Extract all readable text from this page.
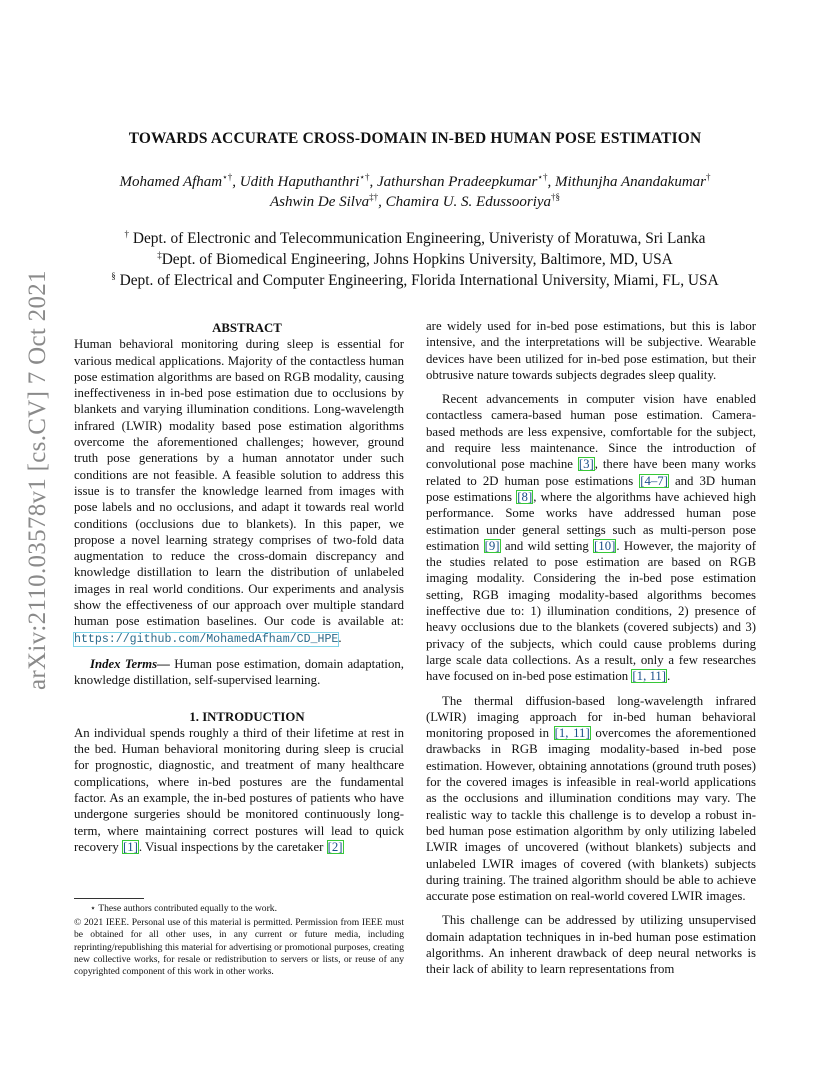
arXiv:2110.03578v1 [cs.CV] 7 Oct 2021
TOWARDS ACCURATE CROSS-DOMAIN IN-BED HUMAN POSE ESTIMATION
Mohamed Afham⋆†, Udith Haputhanthri⋆†, Jathurshan Pradeepkumar⋆†, Mithunjha Anandakumar†
Ashwin De Silva‡†, Chamira U. S. Edussooriya†§
† Dept. of Electronic and Telecommunication Engineering, Univeristy of Moratuwa, Sri Lanka
‡Dept. of Biomedical Engineering, Johns Hopkins University, Baltimore, MD, USA
§ Dept. of Electrical and Computer Engineering, Florida International University, Miami, FL, USA

ABSTRACT

Human behavioral monitoring during sleep is essential for various medical applications. Majority of the contactless human pose estimation algorithms are based on RGB modality, causing ineffectiveness in in-bed pose estimation due to occlusions by blankets and varying illumination conditions. Long-wavelength infrared (LWIR) modality based pose estimation algorithms overcome the aforementioned challenges; however, ground truth pose generations by a human annotator under such conditions are not feasible. A feasible solution to address this issue is to transfer the knowledge learned from images with pose labels and no occlusions, and adapt it towards real world conditions (occlusions due to blankets). In this paper, we propose a novel learning strategy comprises of two-fold data augmentation to reduce the cross-domain discrepancy and knowledge distillation to learn the distribution of unlabeled images in real world conditions. Our experiments and analysis show the effectiveness of our approach over multiple standard human pose estimation baselines. Our code is available at: https://github.com/MohamedAfham/CD_HPE.

Index Terms— Human pose estimation, domain adaptation, knowledge distillation, self-supervised learning.

1. INTRODUCTION

An individual spends roughly a third of their lifetime at rest in the bed. Human behavioral monitoring during sleep is crucial for prognostic, diagnostic, and treatment of many healthcare complications, where in-bed postures are the fundamental factor. As an example, the in-bed postures of patients who have undergone surgeries should be monitored continuously long-term, where maintaining correct postures will lead to quick recovery [1]. Visual inspections by the caretaker [2]

⋆ These authors contributed equally to the work.

© 2021 IEEE. Personal use of this material is permitted. Permission from IEEE must be obtained for all other uses, in any current or future media, including reprinting/republishing this material for advertising or promotional purposes, creating new collective works, for resale or redistribution to servers or lists, or reuse of any copyrighted component of this work in other works.

are widely used for in-bed pose estimations, but this is labor intensive, and the interpretations will be subjective. Wearable devices have been utilized for in-bed pose estimation, but their obtrusive nature towards subjects degrades sleep quality.

Recent advancements in computer vision have enabled contactless camera-based human pose estimation. Camera-based methods are less expensive, comfortable for the subject, and require less maintenance. Since the introduction of convolutional pose machine [3], there have been many works related to 2D human pose estimations [4–7] and 3D human pose estimations [8], where the algorithms have achieved high performance. Some works have addressed human pose estimation under general settings such as multi-person pose estimation [9] and wild setting [10]. However, the majority of the studies related to pose estimation are based on RGB imaging modality. Considering the in-bed pose estimation setting, RGB imaging modality-based algorithms becomes ineffective due to: 1) illumination conditions, 2) presence of heavy occlusions due to the blankets (covered subjects) and 3) privacy of the subjects, which could cause problems during large scale data collections. As a result, only a few researches have focused on in-bed pose estimation [1, 11].

The thermal diffusion-based long-wavelength infrared (LWIR) imaging approach for in-bed human behavioral monitoring proposed in [1, 11] overcomes the aforementioned drawbacks in RGB imaging modality-based in-bed pose estimation. However, obtaining annotations (ground truth poses) for the covered images is infeasible in real-world applications as the occlusions and illumination conditions may vary. The realistic way to tackle this challenge is to develop a robust in-bed human pose estimation algorithm by only utilizing labeled LWIR images of uncovered (without blankets) subjects and unlabeled LWIR images of covered (with blankets) subjects during training. The trained algorithm should be able to achieve accurate pose estimation on real-world covered LWIR images.

This challenge can be addressed by utilizing unsupervised domain adaptation techniques in in-bed human pose estimation algorithms. An inherent drawback of deep neural networks is their lack of ability to learn representations from
